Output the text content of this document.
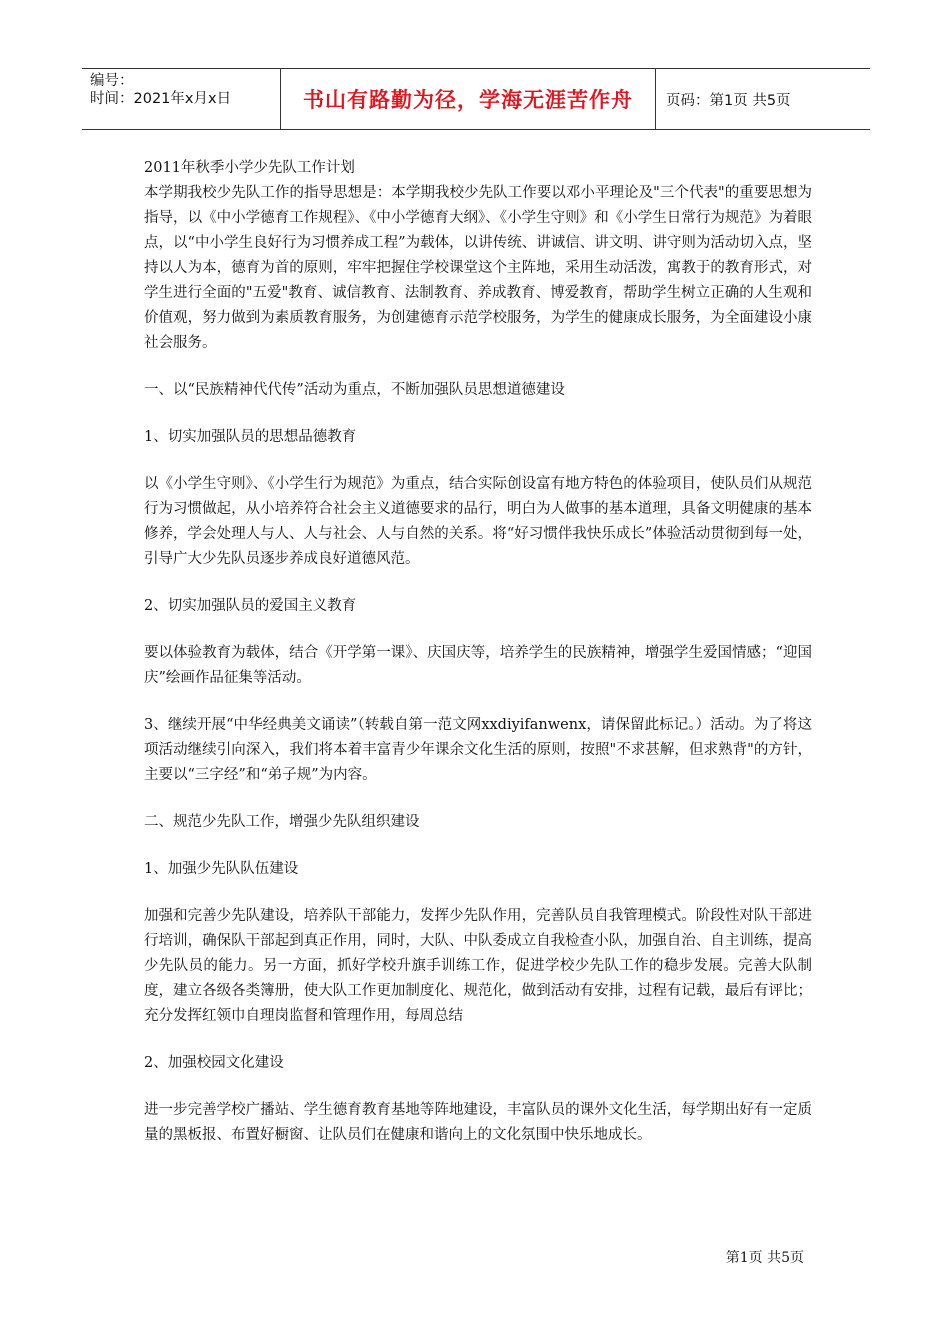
编号：
时间：2021年x月x日	书山有路勤为径，学海无涯苦作舟	页码：第1页 共5页

2011年秋季小学少先队工作计划

本学期我校少先队工作的指导思想是：本学期我校少先队工作要以邓小平理论及"三个代表"的重要思想为指导，以《中小学德育工作规程》、《中小学德育大纲》、《小学生守则》和《小学生日常行为规范》为着眼点，以“中小学生良好行为习惯养成工程”为载体，以讲传统、讲诚信、讲文明、讲守则为活动切入点，坚持以人为本，德育为首的原则，牢牢把握住学校课堂这个主阵地，采用生动活泼，寓教于的教育形式，对学生进行全面的"五爱"教育、诚信教育、法制教育、养成教育、博爱教育，帮助学生树立正确的人生观和价值观，努力做到为素质教育服务，为创建德育示范学校服务，为学生的健康成长服务，为全面建设小康社会服务。

一、以“民族精神代代传”活动为重点，不断加强队员思想道德建设

1、切实加强队员的思想品德教育

以《小学生守则》、《小学生行为规范》为重点，结合实际创设富有地方特色的体验项目，使队员们从规范行为习惯做起，从小培养符合社会主义道德要求的品行，明白为人做事的基本道理，具备文明健康的基本修养，学会处理人与人、人与社会、人与自然的关系。将“好习惯伴我快乐成长”体验活动贯彻到每一处，引导广大少先队员逐步养成良好道德风范。

2、切实加强队员的爱国主义教育

要以体验教育为载体，结合《开学第一课》、庆国庆等，培养学生的民族精神，增强学生爱国情感；“迎国庆”绘画作品征集等活动。

3、继续开展“中华经典美文诵读”（转载自第一范文网xxdiyifanwenx，请保留此标记。）活动。为了将这项活动继续引向深入，我们将本着丰富青少年课余文化生活的原则，按照"不求甚解，但求熟背"的方针，主要以“三字经”和“弟子规”为内容。

二、规范少先队工作，增强少先队组织建设

1、加强少先队队伍建设

加强和完善少先队建设，培养队干部能力，发挥少先队作用，完善队员自我管理模式。阶段性对队干部进行培训，确保队干部起到真正作用，同时，大队、中队委成立自我检查小队，加强自治、自主训练，提高少先队员的能力。另一方面，抓好学校升旗手训练工作，促进学校少先队工作的稳步发展。完善大队制度，建立各级各类簿册，使大队工作更加制度化、规范化，做到活动有安排，过程有记载，最后有评比；充分发挥红领巾自理岗监督和管理作用，每周总结

2、加强校园文化建设

进一步完善学校广播站、学生德育教育基地等阵地建设，丰富队员的课外文化生活，每学期出好有一定质量的黑板报、布置好橱窗、让队员们在健康和谐向上的文化氛围中快乐地成长。

第1页 共5页
